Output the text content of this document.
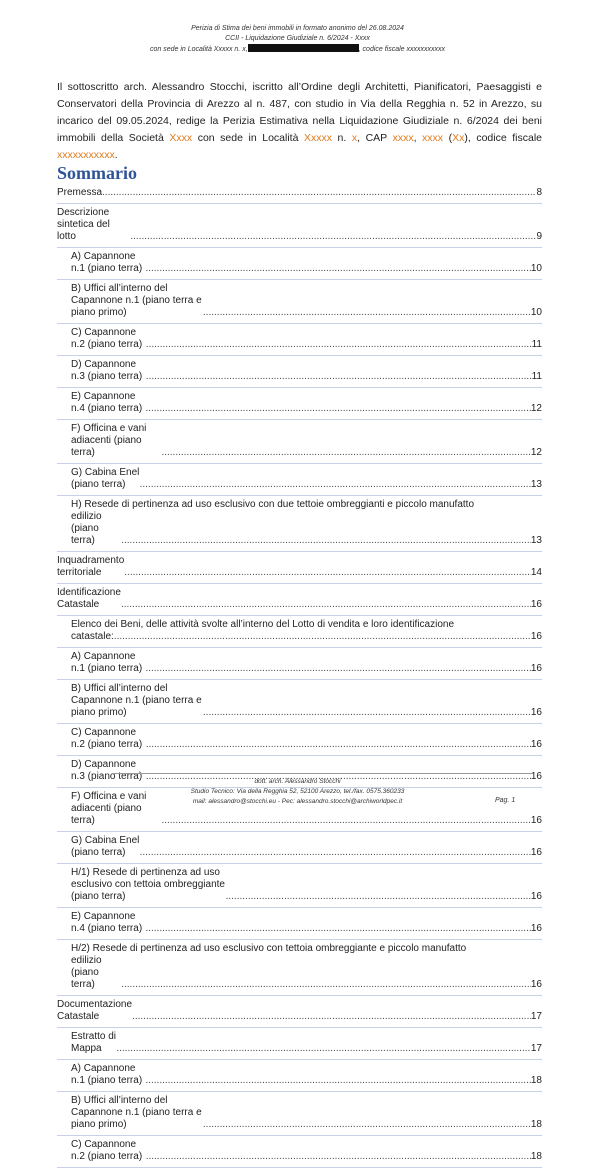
Perizia di Stima dei beni immobili in formato anonimo del 26.08.2024
CCII - Liquidazione Giudiziale n. 6/2024 - Xxxx
con sede in Località Xxxxx n. x,	, codice fiscale xxxxxxxxxxx
Il sottoscritto arch. Alessandro Stocchi, iscritto all’Ordine degli Architetti, Pianificatori, Paesaggisti e Conservatori della Provincia di Arezzo al n. 487, con studio in Via della Regghia n. 52 in Arezzo, su incarico del 09.05.2024, redige la Perizia Estimativa nella Liquidazione Giudiziale n. 6/2024 dei beni immobili della Società Xxxx con sede in Località Xxxxx n. x, CAP xxxx, xxxx (Xx), codice fiscale xxxxxxxxxxx.
Sommario
Premessa .....	8
Descrizione sintetica del lotto .....	9
A) Capannone n.1 (piano terra) .....	10
B) Uffici all’interno del Capannone n.1 (piano terra e piano primo) .....	10
C) Capannone n.2 (piano terra) .....	11
D) Capannone n.3 (piano terra) .....	11
E) Capannone n.4 (piano terra) .....	12
F) Officina e vani adiacenti (piano terra) .....	12
G) Cabina Enel (piano terra) .....	13
H) Resede di pertinenza ad uso esclusivo con due tettoie ombreggianti e piccolo manufatto
edilizio (piano terra) .....	13
Inquadramento territoriale .....	14
Identificazione Catastale .....	16
Elenco dei Beni, delle attività svolte all’interno del Lotto di vendita e loro identificazione
catastale: .....	16
A) Capannone n.1 (piano terra) .....	16
B) Uffici all’interno del Capannone n.1 (piano terra e piano primo) .....	16
C) Capannone n.2 (piano terra) .....	16
D) Capannone n.3 (piano terra) .....	16
F) Officina e vani adiacenti (piano terra) .....	16
G) Cabina Enel (piano terra) .....	16
H/1) Resede di pertinenza ad uso esclusivo con tettoia ombreggiante (piano terra) .....	16
E) Capannone n.4 (piano terra) .....	16
H/2) Resede di pertinenza ad uso esclusivo con tettoia ombreggiante e piccolo manufatto
edilizio (piano terra) .....	16
Documentazione Catastale .....	17
Estratto di Mappa .....	17
A) Capannone n.1 (piano terra) .....	18
B) Uffici all’interno del Capannone n.1 (piano terra e piano primo) .....	18
C) Capannone n.2 (piano terra) .....	18
dott. arch. Alessandro Stocchi
Studio Tecnico: Via della Regghia 52, 52100 Arezzo, tel./fax. 0575.360233
mail: alessandro@stocchi.eu - Pec: alessandro.stocchi@archiworldpec.it	Pag. 1
